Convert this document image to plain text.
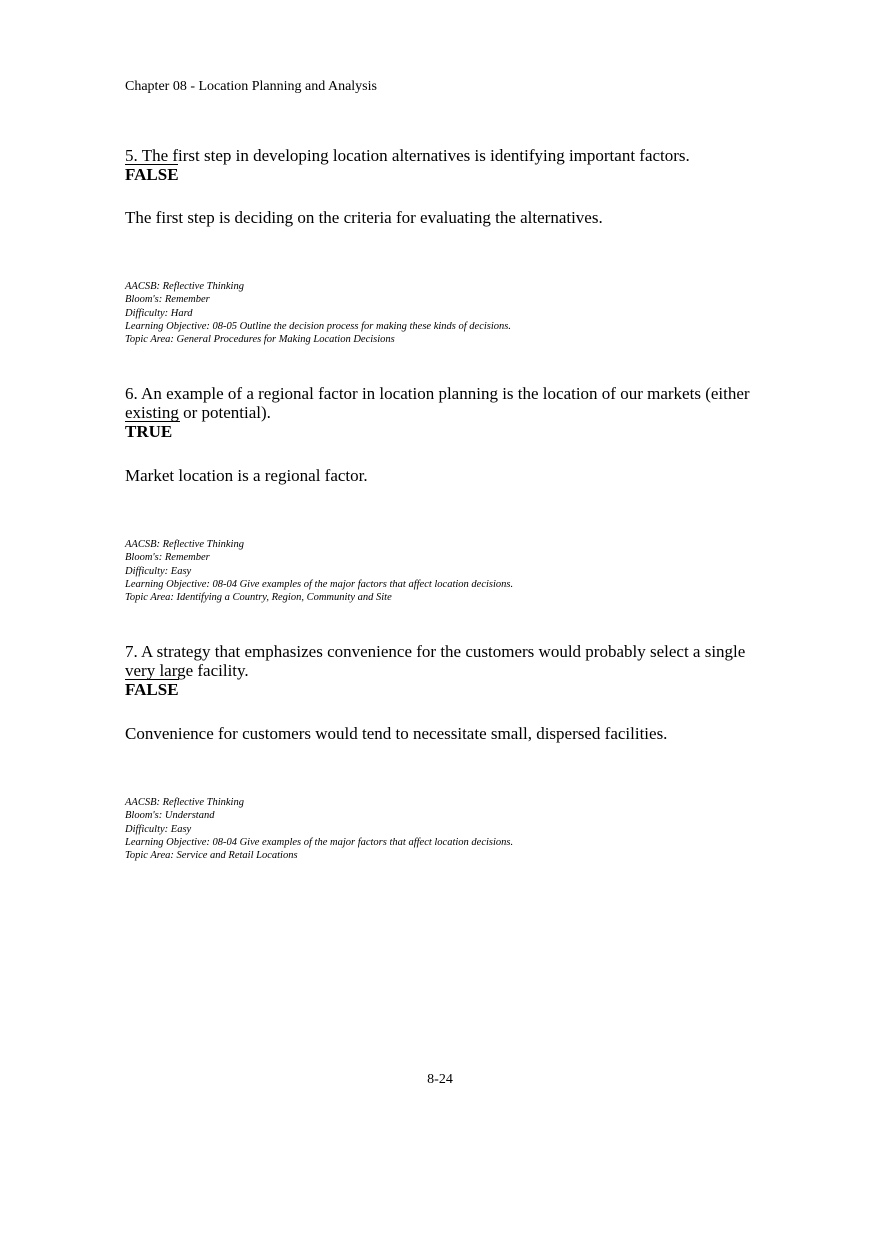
Chapter 08 - Location Planning and Analysis

5. The first step in developing location alternatives is identifying important factors.

FALSE

The first step is deciding on the criteria for evaluating the alternatives.

AACSB: Reflective Thinking
Bloom's: Remember
Difficulty: Hard
Learning Objective: 08-05 Outline the decision process for making these kinds of decisions.
Topic Area: General Procedures for Making Location Decisions

6. An example of a regional factor in location planning is the location of our markets (either existing or potential).

TRUE

Market location is a regional factor.

AACSB: Reflective Thinking
Bloom's: Remember
Difficulty: Easy
Learning Objective: 08-04 Give examples of the major factors that affect location decisions.
Topic Area: Identifying a Country, Region, Community and Site

7. A strategy that emphasizes convenience for the customers would probably select a single very large facility.

FALSE

Convenience for customers would tend to necessitate small, dispersed facilities.

AACSB: Reflective Thinking
Bloom's: Understand
Difficulty: Easy
Learning Objective: 08-04 Give examples of the major factors that affect location decisions.
Topic Area: Service and Retail Locations
8-24
